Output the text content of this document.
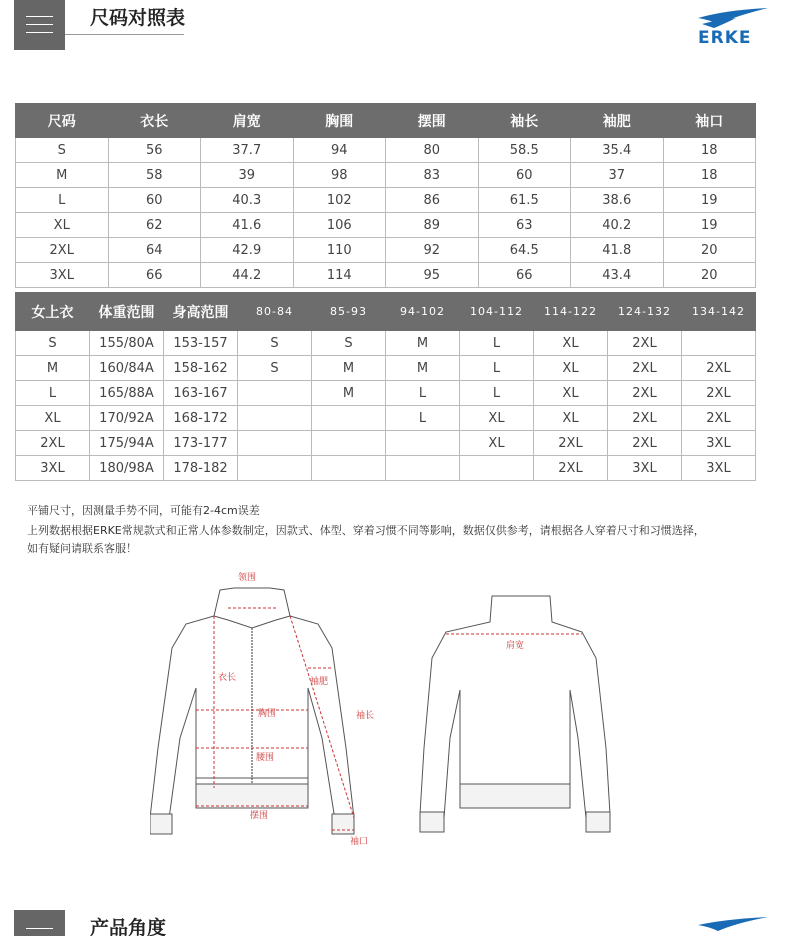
尺码对照表
ERKE
尺码	衣长	肩宽	胸围	摆围	袖长	袖肥	袖口
S	56	37.7	94	80	58.5	35.4	18
M	58	39	98	83	60	37	18
L	60	40.3	102	86	61.5	38.6	19
XL	62	41.6	106	89	63	40.2	19
2XL	64	42.9	110	92	64.5	41.8	20
3XL	66	44.2	114	95	66	43.4	20
女上衣	体重范围	身高范围	80-84	85-93	94-102	104-112	114-122	124-132	134-142
S	155/80A	153-157	S	S	M	L	XL	2XL	
M	160/84A	158-162	S	M	M	L	XL	2XL	2XL
L	165/88A	163-167		M	L	L	XL	2XL	2XL
XL	170/92A	168-172			L	XL	XL	2XL	2XL
2XL	175/94A	173-177				XL	2XL	2XL	3XL
3XL	180/98A	178-182					2XL	3XL	3XL
平铺尺寸，因测量手势不同，可能有2-4cm误差
上列数据根据ERKE常规款式和正常人体参数制定，因款式、体型、穿着习惯不同等影响，数据仅供参考，请根据各人穿着尺寸和习惯选择，
如有疑问请联系客服！
领围
衣长	袖肥
胸围	袖长
腰围
摆围
袖口
肩宽
产品角度
